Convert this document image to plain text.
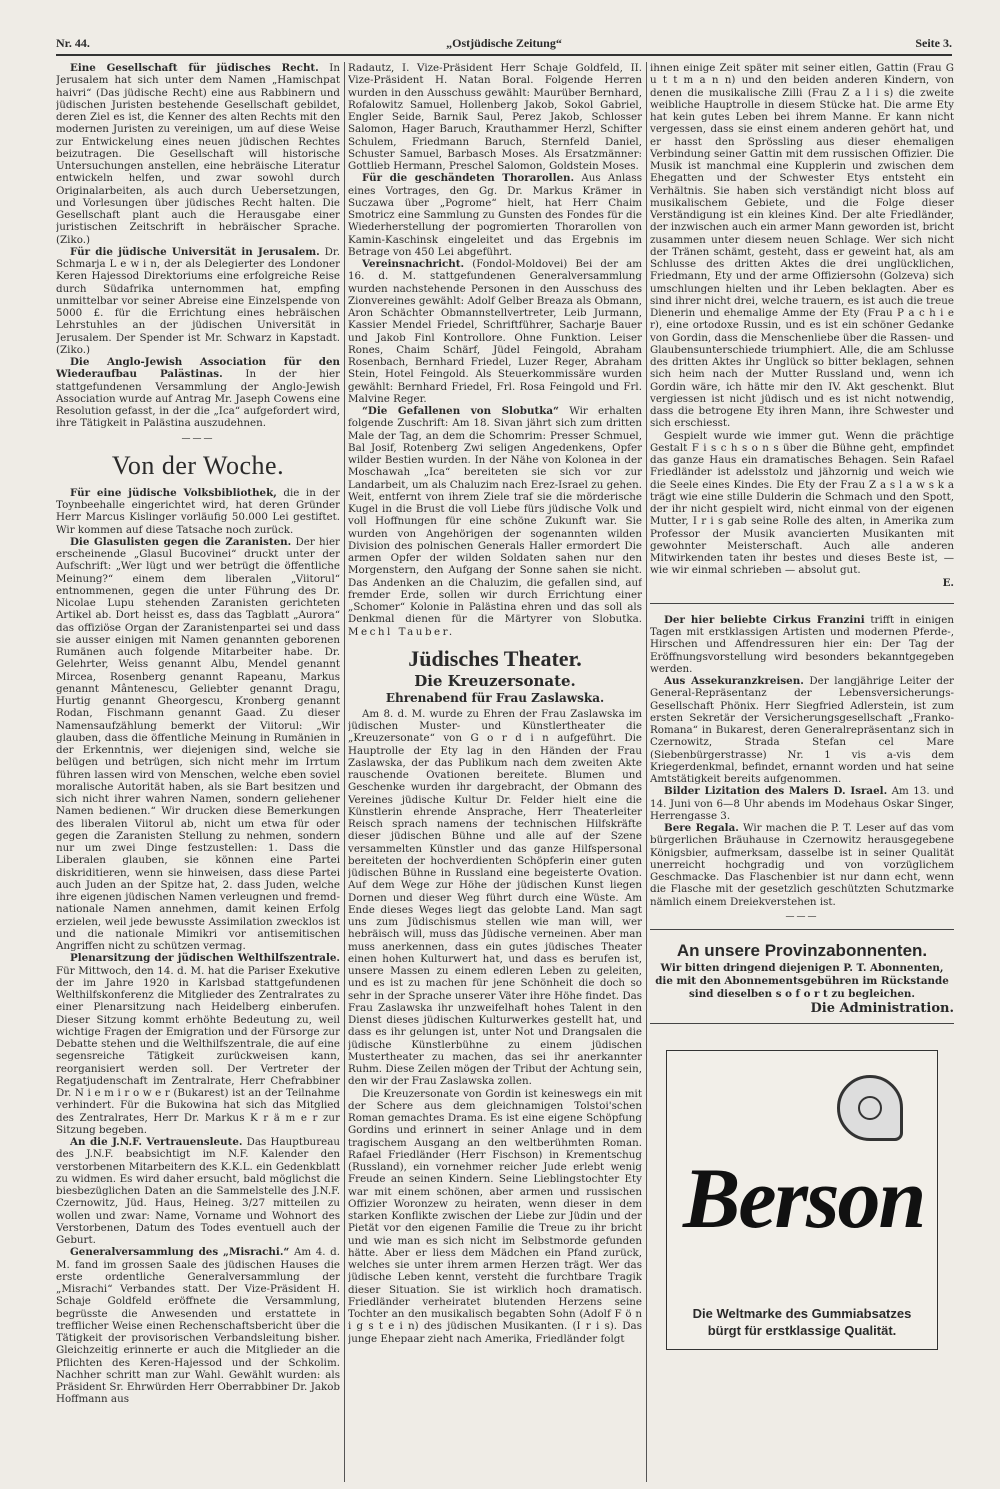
Nr. 44.	„Ostjüdische Zeitung“	Seite 3.

Eine Gesellschaft für jüdisches Recht. In Jerusalem hat sich unter dem Namen „Hamischpat haivri“ (Das jüdische Recht) eine aus Rabbinern und jüdischen Juristen bestehende Gesellschaft gebildet, deren Ziel es ist, die Kenner des alten Rechts mit den modernen Juristen zu vereinigen, um auf diese Weise zur Entwickelung eines neuen jüdischen Rechtes beizutragen. Die Gesellschaft will historische Untersuchungen anstellen, eine hebräische Literatur entwickeln helfen, und zwar sowohl durch Originalarbeiten, als auch durch Uebersetzungen, und Vorlesungen über jüdisches Recht halten. Die Gesellschaft plant auch die Herausgabe einer juristischen Zeitschrift in hebräischer Sprache. (Ziko.)

Für die jüdische Universität in Jerusalem. Dr. Schmarja L e w i n, der als Delegierter des Londoner Keren Hajessod Direktoriums eine erfolgreiche Reise durch Südafrika unternommen hat, empfing unmittelbar vor seiner Abreise eine Einzelspende von 5000 £. für die Errichtung eines hebräischen Lehrstuhles an der jüdischen Universität in Jerusalem. Der Spender ist Mr. Schwarz in Kapstadt. (Ziko.)

Die Anglo-Jewish Association für den Wiederaufbau Palästinas. In der hier stattgefundenen Versammlung der Anglo-Jewish Association wurde auf Antrag Mr. Jaseph Cowens eine Resolution gefasst, in der die „Ica“ aufgefordert wird, ihre Tätigkeit in Palästina auszudehnen.

———
Von der Woche.

Für eine jüdische Volksbibliothek, die in der Toynbeehalle eingerichtet wird, hat deren Gründer Herr Marcus Kislinger vorläufig 50.000 Lei gestiftet. Wir kommen auf diese Tatsache noch zurück.

Die Glasulisten gegen die Zaranisten. Der hier erscheinende „Glasul Bucovinei“ druckt unter der Aufschrift: „Wer lügt und wer betrügt die öffentliche Meinung?“ einem dem liberalen „Viitorul“ entnommenen, gegen die unter Führung des Dr. Nicolae Lupu stehenden Zaranisten gerichteten Artikel ab. Dort heisst es, dass das Tagblatt „Aurora“ das offiziöse Organ der Zaranistenpartei sei und dass sie ausser einigen mit Namen genannten geborenen Rumänen auch folgende Mitarbeiter habe. Dr. Gelehrter, Weiss genannt Albu, Mendel genannt Mircea, Rosenberg genannt Rapeanu, Markus genannt Mântenescu, Geliebter genannt Dragu, Hurtig genannt Gheorgescu, Kronberg genannt Rodan, Fischmann genannt Gaad. Zu dieser Namensaufzählung bemerkt der Viitorul: „Wir glauben, dass die öffentliche Meinung in Rumänien in der Erkenntnis, wer diejenigen sind, welche sie belügen und betrügen, sich nicht mehr im Irrtum führen lassen wird von Menschen, welche eben soviel moralische Autorität haben, als sie Bart besitzen und sich nicht ihrer wahren Namen, sondern geliehener Namen bedienen.“ Wir drucken diese Bemerkungen des liberalen Viitorul ab, nicht um etwa für oder gegen die Zaranisten Stellung zu nehmen, sondern nur um zwei Dinge festzustellen: 1. Dass die Liberalen glauben, sie können eine Partei diskriditieren, wenn sie hinweisen, dass diese Partei auch Juden an der Spitze hat, 2. dass Juden, welche ihre eigenen jüdischen Namen verleugnen und fremd-nationale Namen annehmen, damit keinen Erfolg erzielen, weil jede bewusste Assimilation zwecklos ist und die nationale Mimikri vor antisemitischen Angriffen nicht zu schützen vermag.

Plenarsitzung der jüdischen Welthilfszentrale. Für Mittwoch, den 14. d. M. hat die Pariser Exekutive der im Jahre 1920 in Karlsbad stattgefundenen Welthilfskonferenz die Mitglieder des Zentralrates zu einer Plenarsitzung nach Heidelberg einberufen. Dieser Sitzung kommt erhöhte Bedeutung zu, weil wichtige Fragen der Emigration und der Fürsorge zur Debatte stehen und die Welthilfszentrale, die auf eine segensreiche Tätigkeit zurückweisen kann, reorganisiert werden soll. Der Vertreter der Regatjudenschaft im Zentralrate, Herr Chefrabbiner Dr. N i e m i r o w e r (Bukarest) ist an der Teilnahme verhindert. Für die Bukowina hat sich das Mitglied des Zentralrates, Herr Dr. Markus K r ä m e r zur Sitzung begeben.

An die J.N.F. Vertrauensleute. Das Hauptbureau des J.N.F. beabsichtigt im N.F. Kalender den verstorbenen Mitarbeitern des K.K.L. ein Gedenkblatt zu widmen. Es wird daher ersucht, bald möglichst die biesbezüglichen Daten an die Sammelstelle des J.N.F. Czernowitz, Jüd. Haus, Heineg. 3/27 mitteilen zu wollen und zwar: Name, Vorname und Wohnort des Verstorbenen, Datum des Todes eventuell auch der Geburt.

Generalversammlung des „Misrachi.“ Am 4. d. M. fand im grossen Saale des jüdischen Hauses die erste ordentliche Generalversammlung der „Misrachi“ Verbandes statt. Der Vize-Präsident H. Schaje Goldfeld eröffnete die Versammlung, begrüsste die Anwesenden und erstattete in trefflicher Weise einen Rechenschaftsbericht über die Tätigkeit der provisorischen Verbandsleitung bisher. Gleichzeitig erinnerte er auch die Mitglieder an die Pflichten des Keren-Hajessod und der Schkolim. Nachher schritt man zur Wahl. Gewählt wurden: als Präsident Sr. Ehrwürden Herr Oberrabbiner Dr. Jakob Hoffmann aus

Radautz, I. Vize-Präsident Herr Schaje Goldfeld, II. Vize-Präsident H. Natan Boral. Folgende Herren wurden in den Ausschuss gewählt: Maurüber Bernhard, Rofalowitz Samuel, Hollenberg Jakob, Sokol Gabriel, Engler Seide, Barnik Saul, Perez Jakob, Schlosser Salomon, Hager Baruch, Krauthammer Herzl, Schifter Schulem, Friedmann Baruch, Sternfeld Daniel, Schuster Samuel, Barbasch Moses. Als Ersatzmänner: Gottlieb Hermann, Preschel Salomon, Goldstein Moses.

Für die geschändeten Thorarollen. Aus Anlass eines Vortrages, den Gg. Dr. Markus Krämer in Suczawa über „Pogrome“ hielt, hat Herr Chaim Smotricz eine Sammlung zu Gunsten des Fondes für die Wiederherstellung der pogromierten Thorarollen von Kamin-Kaschinsk eingeleitet und das Ergebnis im Betrage von 450 Lei abgeführt.

Vereinsnachricht. (Fondol-Moldovei) Bei der am 16. d. M. stattgefundenen Generalversammlung wurden nachstehende Personen in den Ausschuss des Zionvereines gewählt: Adolf Gelber Breaza als Obmann, Aron Schächter Obmannstellvertreter, Leib Jurmann, Kassier Mendel Friedel, Schriftführer, Sacharje Bauer und Jakob Finl Kontrollore. Ohne Funktion. Leiser Rones, Chaim Schärf, Jüdel Feingold, Abraham Rosenbach, Bernhard Friedel, Luzer Reger, Abraham Stein, Hotel Feingold. Als Steuerkommissäre wurden gewählt: Bernhard Friedel, Frl. Rosa Feingold und Frl. Malvine Reger.

“Die Gefallenen von Slobutka“ Wir erhalten folgende Zuschrift: Am 18. Sivan jährt sich zum dritten Male der Tag, an dem die Schomrim: Presser Schmuel, Bal Josif, Rotenberg Zwi seligen Angedenkens, Opfer wilder Bestien wurden. In der Nähe von Kolonea in der Moschawah „Ica“ bereiteten sie sich vor zur Landarbeit, um als Chaluzim nach Erez-Israel zu gehen. Weit, entfernt von ihrem Ziele traf sie die mörderische Kugel in die Brust die voll Liebe fürs jüdische Volk und voll Hoffnungen für eine schöne Zukunft war. Sie wurden von Angehörigen der sogenannten wilden Division des polnischen Generals Haller ermordert Die armen Opfer der wilden Soldaten sahen nur den Morgenstern, den Aufgang der Sonne sahen sie nicht. Das Andenken an die Chaluzim, die gefallen sind, auf fremder Erde, sollen wir durch Errichtung einer „Schomer“ Kolonie in Palästina ehren und das soll als Denkmal dienen für die Märtyrer von Slobutka. Mechl Tauber.

Jüdisches Theater.
Die Kreuzersonate.
Ehrenabend für Frau Zaslawska.

Am 8. d. M. wurde zu Ehren der Frau Zaslawska im jüdischen Muster- und Künstlertheater die „Kreuzersonate“ von G o r d i n aufgeführt. Die Hauptrolle der Ety lag in den Händen der Frau Zaslawska, der das Publikum nach dem zweiten Akte rauschende Ovationen bereitete. Blumen und Geschenke wurden ihr dargebracht, der Obmann des Vereines jüdische Kultur Dr. Felder hielt eine die Künstlerin ehrende Ansprache, Herr Theaterleiter Reisch sprach namens der technischen Hilfskräfte dieser jüdischen Bühne und alle auf der Szene versammelten Künstler und das ganze Hilfspersonal bereiteten der hochverdienten Schöpferin einer guten jüdischen Bühne in Russland eine begeisterte Ovation. Auf dem Wege zur Höhe der jüdischen Kunst liegen Dornen und dieser Weg führt durch eine Wüste. Am Ende dieses Weges liegt das gelobte Land. Man sagt uns zum Jüdischismus stellen wie man will, wer hebräisch will, muss das Jüdische verneinen. Aber man muss anerkennen, dass ein gutes jüdisches Theater einen hohen Kulturwert hat, und dass es berufen ist, unsere Massen zu einem edleren Leben zu geleiten, und es ist zu machen für jene Schönheit die doch so sehr in der Sprache unserer Väter ihre Höhe findet. Das Frau Zaslawska ihr unzweifelhaft hohes Talent in den Dienst dieses jüdischen Kulturwerkes gestellt hat, und dass es ihr gelungen ist, unter Not und Drangsalen die jüdische Künstlerbühne zu einem jüdischen Mustertheater zu machen, das sei ihr anerkannter Ruhm. Diese Zeilen mögen der Tribut der Achtung sein, den wir der Frau Zaslawska zollen.

Die Kreuzersonate von Gordin ist keineswegs ein mit der Schere aus dem gleichnamigen Tolstoi'schen Roman gemachtes Drama. Es ist eine eigene Schöpfung Gordins und erinnert in seiner Anlage und in dem tragischem Ausgang an den weltberühmten Roman. Rafael Friedländer (Herr Fischson) in Krementschug (Russland), ein vornehmer reicher Jude erlebt wenig Freude an seinen Kindern. Seine Lieblingstochter Ety war mit einem schönen, aber armen und russischen Offizier Woronzew zu heiraten, wenn dieser in dem starken Konflikte zwischen der Liebe zur Jüdin und der Pietät vor den eigenen Familie die Treue zu ihr bricht und wie man es sich nicht im Selbstmorde gefunden hätte. Aber er liess dem Mädchen ein Pfand zurück, welches sie unter ihrem armen Herzen trägt. Wer das jüdische Leben kennt, versteht die furchtbare Tragik dieser Situation. Sie ist wirklich hoch dramatisch. Friedländer verheiratet blutenden Herzens seine Tochter an den musikalisch begabten Sohn (Adolf F ö n i g s t e i n) des jüdischen Musikanten. (I r i s). Das junge Ehepaar zieht nach Amerika, Friedländer folgt

ihnen einige Zeit später mit seiner eitlen, Gattin (Frau G u t t m a n n) und den beiden anderen Kindern, von denen die musikalische Zilli (Frau Z a l i s) die zweite weibliche Hauptrolle in diesem Stücke hat. Die arme Ety hat kein gutes Leben bei ihrem Manne. Er kann nicht vergessen, dass sie einst einem anderen gehört hat, und er hasst den Sprössling aus dieser ehemaligen Verbindung seiner Gattin mit dem russischen Offizier. Die Musik ist manchmal eine Kupplerin und zwischen dem Ehegatten und der Schwester Etys entsteht ein Verhältnis. Sie haben sich verständigt nicht bloss auf musikalischem Gebiete, und die Folge dieser Verständigung ist ein kleines Kind. Der alte Friedländer, der inzwischen auch ein armer Mann geworden ist, bricht zusammen unter diesem neuen Schlage. Wer sich nicht der Tränen schämt, gesteht, dass er geweint hat, als am Schlusse des dritten Aktes die drei unglücklichen, Friedmann, Ety und der arme Offiziersohn (Golzeva) sich umschlungen hielten und ihr Leben beklagten. Aber es sind ihrer nicht drei, welche trauern, es ist auch die treue Dienerin und ehemalige Amme der Ety (Frau P a c h i e r), eine ortodoxe Russin, und es ist ein schöner Gedanke von Gordin, dass die Menschenliebe über die Rassen- und Glaubensunterschiede triumphiert. Alle, die am Schlusse des dritten Aktes ihr Unglück so bitter beklagen, sehnen sich heim nach der Mutter Russland und, wenn ich Gordin wäre, ich hätte mir den IV. Akt geschenkt. Blut vergiessen ist nicht jüdisch und es ist nicht notwendig, dass die betrogene Ety ihren Mann, ihre Schwester und sich erschiesst.

Gespielt wurde wie immer gut. Wenn die prächtige Gestalt F i s c h s o n s über die Bühne geht, empfindet das ganze Haus ein dramatisches Behagen. Sein Rafael Friedländer ist adelsstolz und jähzornig und weich wie die Seele eines Kindes. Die Ety der Frau Z a s l a w s k a trägt wie eine stille Dulderin die Schmach und den Spott, der ihr nicht gespielt wird, nicht einmal von der eigenen Mutter, I r i s gab seine Rolle des alten, in Amerika zum Professor der Musik avancierten Musikanten mit gewohnter Meisterschaft. Auch alle anderen Mitwirkenden taten ihr bestes und dieses Beste ist, — wie wir einmal schrieben — absolut gut.

E.

Der hier beliebte Cirkus Franzini trifft in einigen Tagen mit erstklassigen Artisten und modernen Pferde-, Hirschen und Affendressuren hier ein: Der Tag der Eröffnungsvorstellung wird besonders bekanntgegeben werden.

Aus Assekuranzkreisen. Der langjährige Leiter der General-Repräsentanz der Lebensversicherungs-Gesellschaft Phönix. Herr Siegfried Adlerstein, ist zum ersten Sekretär der Versicherungsgesellschaft „Franko-Romana“ in Bukarest, deren Generalrepräsentanz sich in Czernowitz, Strada Stefan cel Mare (Siebenbürgerstrasse) Nr. 1 vis a-vis dem Kriegerdenkmal, befindet, ernannt worden und hat seine Amtstätigkeit bereits aufgenommen.

Bilder Lizitation des Malers D. Israel. Am 13. und 14. Juni von 6—8 Uhr abends im Modehaus Oskar Singer, Herrengasse 3.

Bere Regala. Wir machen die P. T. Leser auf das vom bürgerlichen Bräuhause in Czernowitz herausgegebene Königsbier, aufmerksam, dasselbe ist in seiner Qualität unerreicht hochgradig und von vorzüglichem Geschmacke. Das Flaschenbier ist nur dann echt, wenn die Flasche mit der gesetzlich geschützten Schutzmarke nämlich einem Dreiekverstehen ist.

———
An unsere Provinzabonnenten.
Wir bitten dringend diejenigen P. T. Abonnenten, die mit den Abonnementsgebühren im Rückstande sind dieselben s o f o r t zu begleichen.
Die Administration.
Berson
Die Weltmarke des Gummiabsatzes
bürgt für erstklassige Qualität.
